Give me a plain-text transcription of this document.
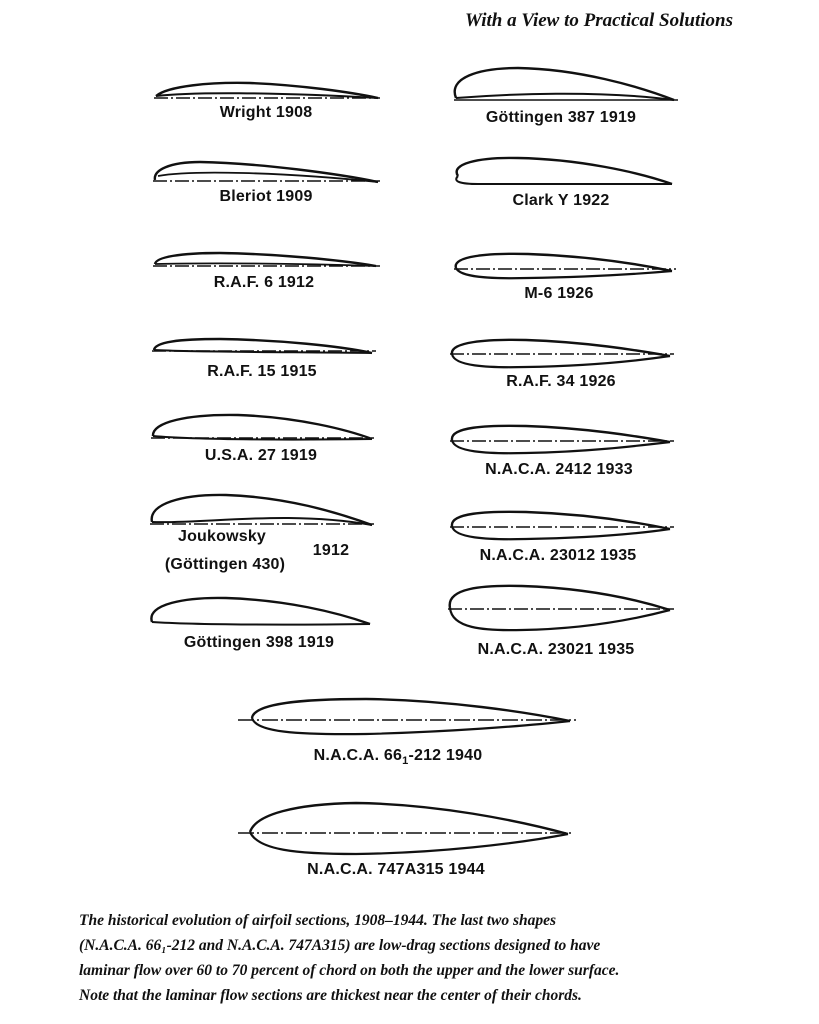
With a View to Practical Solutions
Wright 1908
Bleriot 1909
R.A.F. 6 1912
R.A.F. 15 1915
U.S.A. 27 1919
Joukowsky
(Göttingen 430)
1912
Göttingen 398 1919
Göttingen 387 1919
Clark Y 1922
M-6 1926
R.A.F. 34 1926
N.A.C.A. 2412 1933
N.A.C.A. 23012 1935
N.A.C.A. 23021 1935
N.A.C.A. $66_1-212$ 1940
N.A.C.A. 747A315 1944

The historical evolution of airfoil sections, 1908–1944. The last two shapes

(N.A.C.A. 66₁-212 and N.A.C.A. 747A315) are low-drag sections designed to have

laminar flow over 60 to 70 percent of chord on both the upper and the lower surface.

Note that the laminar flow sections are thickest near the center of their chords.
